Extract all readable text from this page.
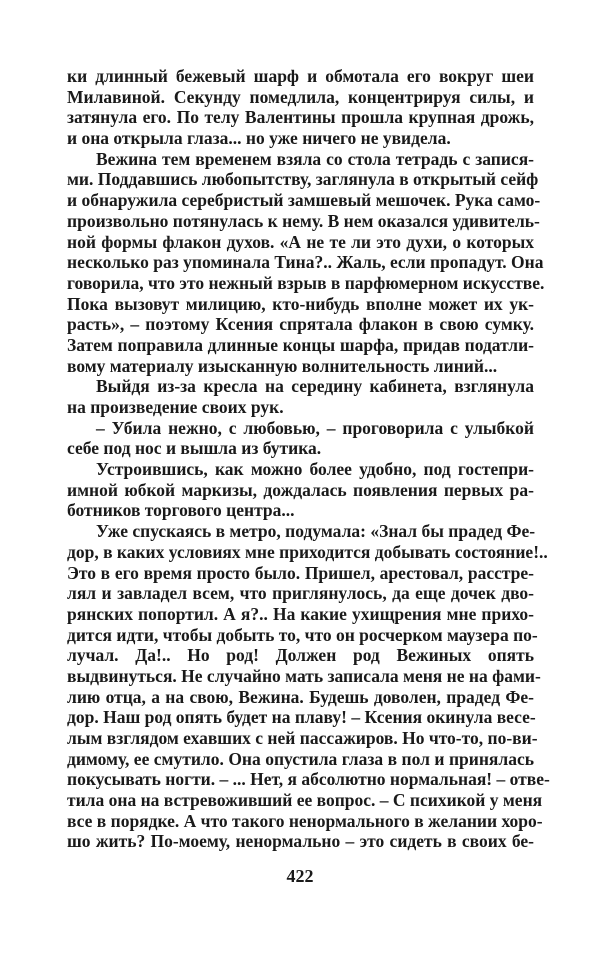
ки длинный бежевый шарф и обмотала его вокруг шеи
Милавиной. Секунду помедлила, концентрируя силы, и
затянула его. По телу Валентины прошла крупная дрожь,
и она открыла глаза... но уже ничего не увидела.
Вежина тем временем взяла со стола тетрадь с запися-
ми. Поддавшись любопытству, заглянула в открытый сейф
и обнаружила серебристый замшевый мешочек. Рука само-
произвольно потянулась к нему. В нем оказался удивитель-
ной формы флакон духов. «А не те ли это духи, о которых
несколько раз упоминала Тина?.. Жаль, если пропадут. Она
говорила, что это нежный взрыв в парфюмерном искусстве.
Пока вызовут милицию, кто-нибудь вполне может их ук-
расть», – поэтому Ксения спрятала флакон в свою сумку.
Затем поправила длинные концы шарфа, придав податли-
вому материалу изысканную волнительность линий...
Выйдя из-за кресла на середину кабинета, взглянула
на произведение своих рук.
– Убила нежно, с любовью, – проговорила с улыбкой
себе под нос и вышла из бутика.
Устроившись, как можно более удобно, под гостепри-
имной юбкой маркизы, дождалась появления первых ра-
ботников торгового центра...
Уже спускаясь в метро, подумала: «Знал бы прадед Фе-
дор, в каких условиях мне приходится добывать состояние!..
Это в его время просто было. Пришел, арестовал, расстре-
лял и завладел всем, что приглянулось, да еще дочек дво-
рянских попортил. А я?.. На какие ухищрения мне прихо-
дится идти, чтобы добыть то, что он росчерком маузера по-
лучал. Да!.. Но род! Должен род Вежиных опять
выдвинуться. Не случайно мать записала меня не на фами-
лию отца, а на свою, Вежина. Будешь доволен, прадед Фе-
дор. Наш род опять будет на плаву! – Ксения окинула весе-
лым взглядом ехавших с ней пассажиров. Но что-то, по-ви-
димому, ее смутило. Она опустила глаза в пол и принялась
покусывать ногти. – ... Нет, я абсолютно нормальная! – отве-
тила она на встревоживший ее вопрос. – С психикой у меня
все в порядке. А что такого ненормального в желании хоро-
шо жить? По-моему, ненормально – это сидеть в своих бе-
422
